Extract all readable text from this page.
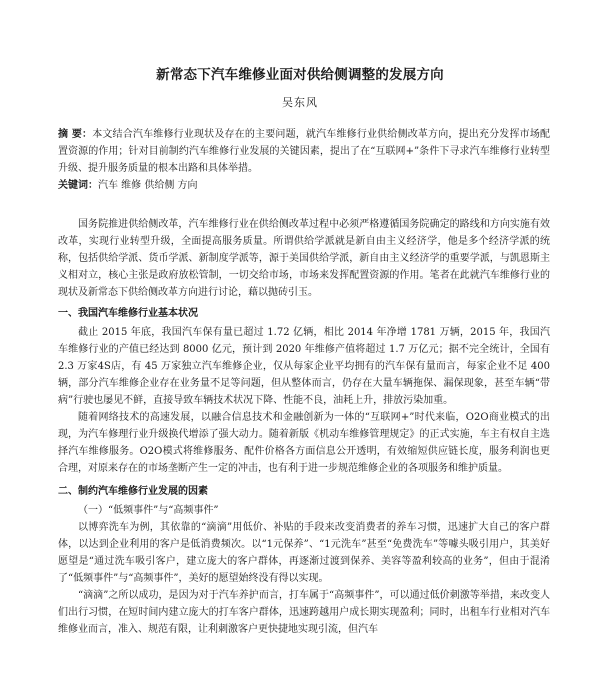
新常态下汽车维修业面对供给侧调整的发展方向
吴东风

摘 要：本文结合汽车维修行业现状及存在的主要问题，就汽车维修行业供给侧改革方向，提出充分发挥市场配置资源的作用；针对目前制约汽车维修行业发展的关键因素，提出了在“互联网+”条件下寻求汽车维修行业转型升级、提升服务质量的根本出路和具体举措。

关键词：汽车 维修 供给侧 方向

国务院推进供给侧改革，汽车维修行业在供给侧改革过程中必须严格遵循国务院确定的路线和方向实施有效改革，实现行业转型升级，全面提高服务质量。所谓供给学派就是新自由主义经济学，他是多个经济学派的统称，包括供给学派、货币学派、新制度学派等，源于美国供给学派，新自由主义经济学的重要学派，与凯恩斯主义相对立，核心主张是政府放松管制，一切交给市场，市场来发挥配置资源的作用。笔者在此就汽车维修行业的现状及新常态下供给侧改革方向进行讨论，藉以抛砖引玉。

一、我国汽车维修行业基本状况

截止 2015 年底，我国汽车保有量已超过 1.72 亿辆，相比 2014 年净增 1781 万辆，2015 年，我国汽车维修行业的产值已经达到 8000 亿元，预计到 2020 年维修产值将超过 1.7 万亿元；据不完全统计，全国有 2.3 万家4S店，有 45 万家独立汽车维修企业，仅从每家企业平均拥有的汽车保有量而言，每家企业不足 400 辆，部分汽车维修企业存在业务量不足等问题，但从整体而言，仍存在大量车辆拖保、漏保现象，甚至车辆“带病”行驶也屡见不鲜，直接导致车辆技术状况下降、性能不良，油耗上升，排放污染加重。

随着网络技术的高速发展，以融合信息技术和金融创新为一体的“互联网+”时代来临，O2O商业模式的出现，为汽车修理行业升级换代增添了强大动力。随着新版《机动车维修管理规定》的正式实施，车主有权自主选择汽车维修服务。O2O模式将维修服务、配件价格各方面信息公开透明，有效缩短供应链长度，服务利润也更合理，对原来存在的市场垄断产生一定的冲击，也有利于进一步规范维修企业的各项服务和维护质量。

二、制约汽车维修行业发展的因素

（一）“低频事件”与“高频事件”

以博弈洗车为例，其依靠的“滴滴”用低价、补贴的手段来改变消费者的养车习惯，迅速扩大自己的客户群体，以达到企业利用的客户是低消费频次。以“1元保养”、“1元洗车”甚至“免费洗车”等噱头吸引用户，其美好愿望是“通过洗车吸引客户，建立庞大的客户群体，再逐渐过渡到保养、美容等盈利较高的业务”，但由于混淆了“低频事件”与“高频事件”，美好的愿望始终没有得以实现。

“滴滴”之所以成功，是因为对于汽车养护而言，打车属于“高频事件”，可以通过低价刺激等举措，来改变人们出行习惯，在短时间内建立庞大的打车客户群体，迅速跨越用户成长期实现盈利；同时，出租车行业相对汽车维修业而言，准入、规范有限，让利刺激客户更快捷地实现引流，但汽车
